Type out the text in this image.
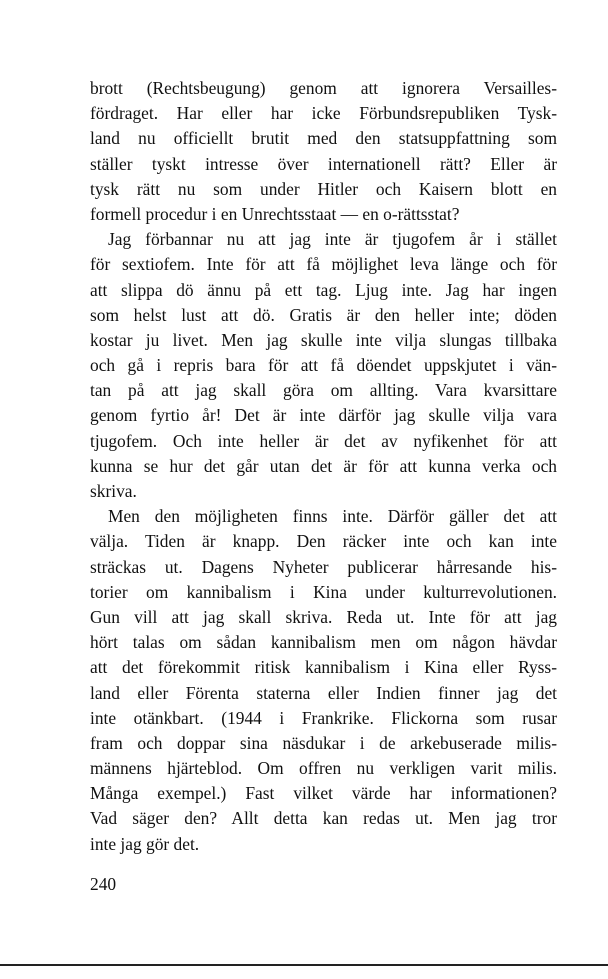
brott (Rechtsbeugung) genom att ignorera Versailles-
fördraget. Har eller har icke Förbundsrepubliken Tysk-
land nu officiellt brutit med den statsuppfattning som
ställer tyskt intresse över internationell rätt? Eller är
tysk rätt nu som under Hitler och Kaisern blott en
formell procedur i en Unrechtsstaat — en o-rättsstat?
Jag förbannar nu att jag inte är tjugofem år i stället
för sextiofem. Inte för att få möjlighet leva länge och för
att slippa dö ännu på ett tag. Ljug inte. Jag har ingen
som helst lust att dö. Gratis är den heller inte; döden
kostar ju livet. Men jag skulle inte vilja slungas tillbaka
och gå i repris bara för att få döendet uppskjutet i vän-
tan på att jag skall göra om allting. Vara kvarsittare
genom fyrtio år! Det är inte därför jag skulle vilja vara
tjugofem. Och inte heller är det av nyfikenhet för att
kunna se hur det går utan det är för att kunna verka och
skriva.
Men den möjligheten finns inte. Därför gäller det att
välja. Tiden är knapp. Den räcker inte och kan inte
sträckas ut. Dagens Nyheter publicerar hårresande his-
torier om kannibalism i Kina under kulturrevolutionen.
Gun vill att jag skall skriva. Reda ut. Inte för att jag
hört talas om sådan kannibalism men om någon hävdar
att det förekommit ritisk kannibalism i Kina eller Ryss-
land eller Förenta staterna eller Indien finner jag det
inte otänkbart. (1944 i Frankrike. Flickorna som rusar
fram och doppar sina näsdukar i de arkebuserade milis-
männens hjärteblod. Om offren nu verkligen varit milis.
Många exempel.) Fast vilket värde har informationen?
Vad säger den? Allt detta kan redas ut. Men jag tror
inte jag gör det.
240
